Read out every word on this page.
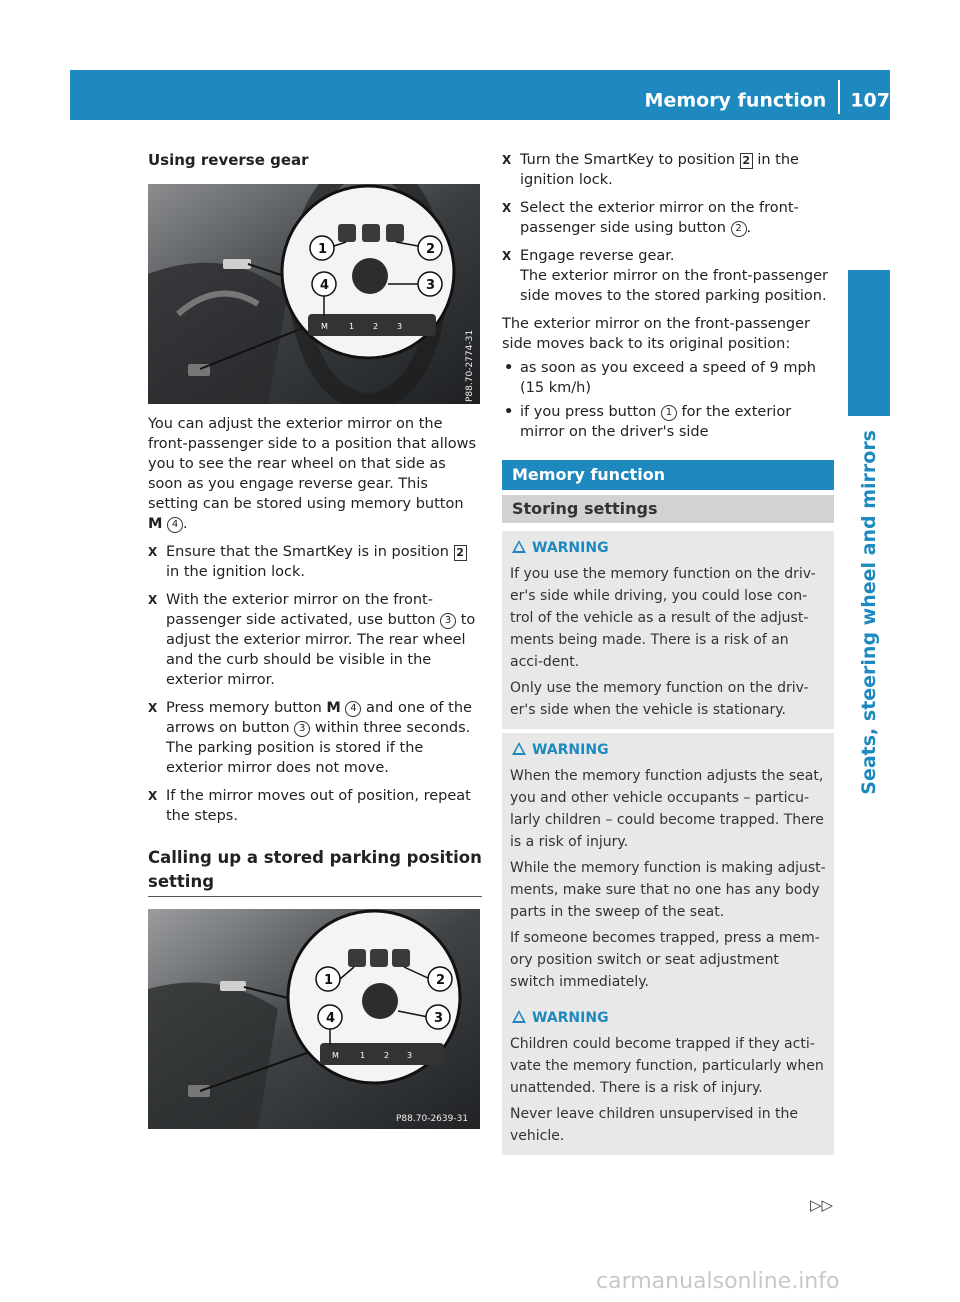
Memory function 107
Seats, steering wheel and mirrors
Using reverse gear
M	1 2 3
1	2
3
4
P88.70-2774-31

You can adjust the exterior mirror on the front-passenger side to a position that allows you to see the rear wheel on that side as soon as you engage reverse gear. This setting can be stored using memory button M 4 .

X Ensure that the SmartKey is in position 2 in the ignition lock.
X With the exterior mirror on the front-passenger side activated, use button 3 to adjust the exterior mirror. The rear wheel and the curb should be visible in the exterior mirror.
X Press memory button M 4 and one of the arrows on button 3 within three seconds.
The parking position is stored if the exterior mirror does not move.
X If the mirror moves out of position, repeat the steps.
Calling up a stored parking position setting
M	1 2 3
1	2
3
4
P88.70-2639-31
X Turn the SmartKey to position 2 in the ignition lock.
X Select the exterior mirror on the front-passenger side using button 2 .
X Engage reverse gear.
The exterior mirror on the front-passenger side moves to the stored parking position.

The exterior mirror on the front-passenger side moves back to its original position:

• as soon as you exceed a speed of 9 mph (15 km/h)
• if you press button 1 for the exterior mirror on the driver's side
Memory function
Storing settings
WARNING

If you use the memory function on the driv-er's side while driving, you could lose con-trol of the vehicle as a result of the adjust-ments being made. There is a risk of an acci-dent.

Only use the memory function on the driv-er's side when the vehicle is stationary.

WARNING

When the memory function adjusts the seat, you and other vehicle occupants – particu-larly children – could become trapped. There is a risk of injury.

While the memory function is making adjust-ments, make sure that no one has any body parts in the sweep of the seat.

If someone becomes trapped, press a mem-ory position switch or seat adjustment switch immediately.

WARNING

Children could become trapped if they acti-vate the memory function, particularly when unattended. There is a risk of injury.

Never leave children unsupervised in the vehicle.

▷▷
carmanualsonline.info
